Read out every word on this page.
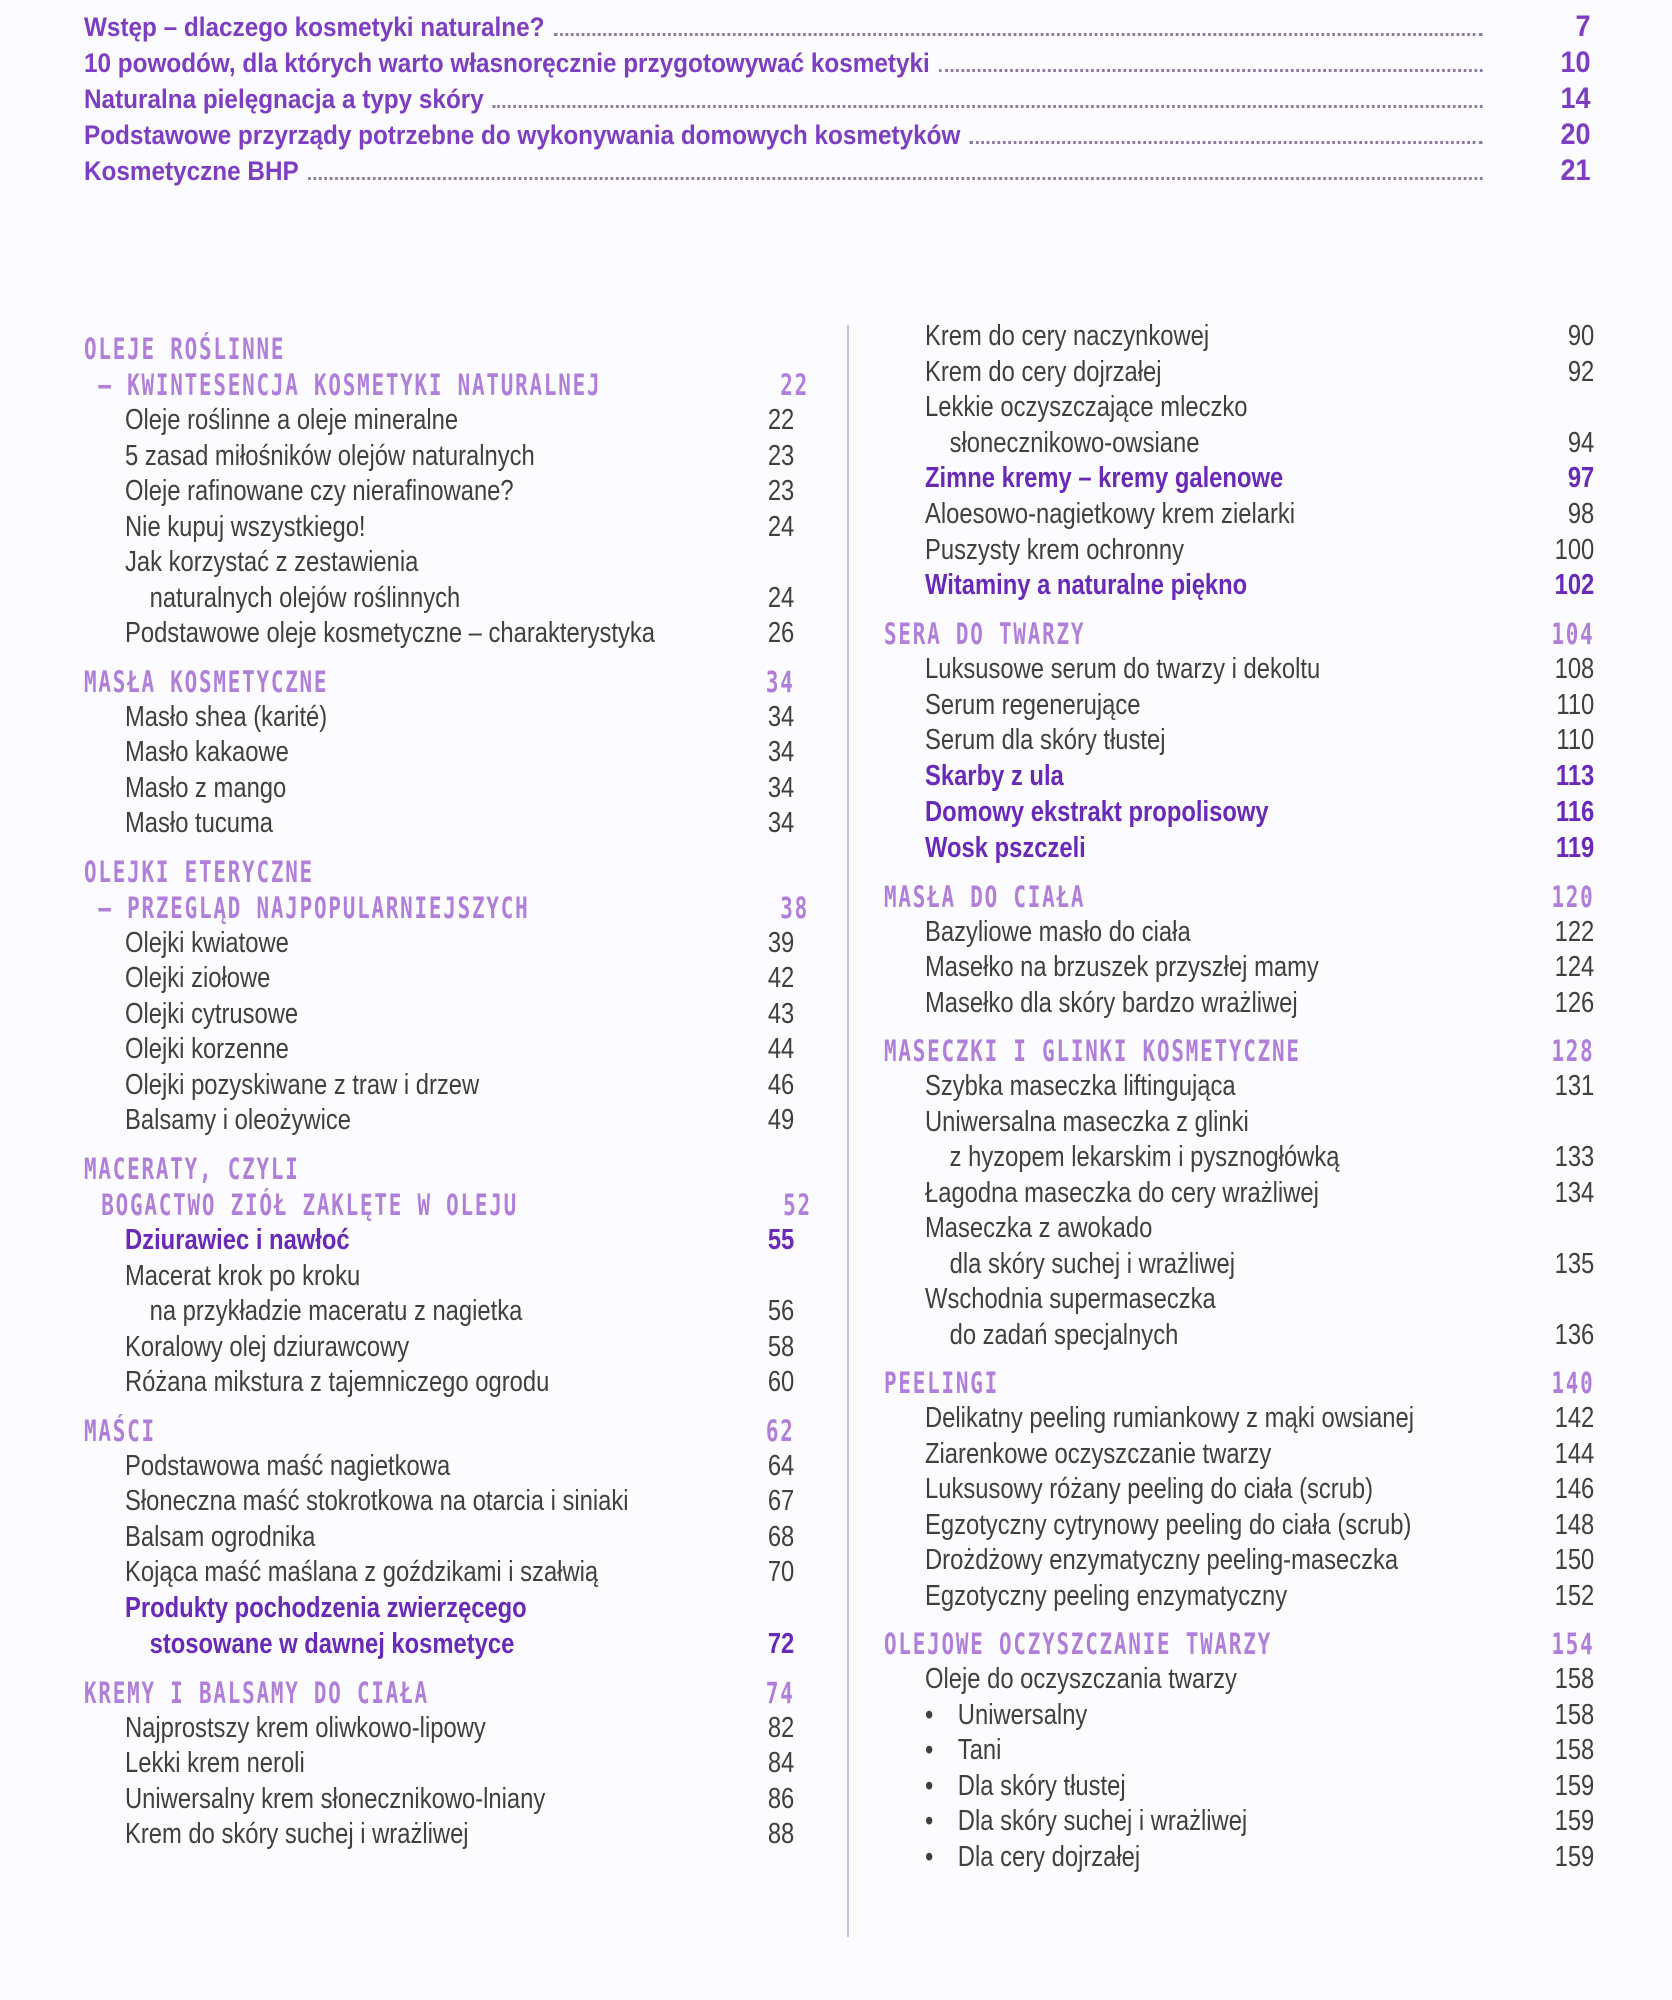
Wstęp – dlaczego kosmetyki naturalne?	7
10 powodów, dla których warto własnoręcznie przygotowywać kosmetyki	10
Naturalna pielęgnacja a typy skóry	14
Podstawowe przyrządy potrzebne do wykonywania domowych kosmetyków	20
Kosmetyczne BHP	21
OLEJE ROŚLINNE
– KWINTESENCJA KOSMETYKI NATURALNEJ	22
Oleje roślinne a oleje mineralne	22
5 zasad miłośników olejów naturalnych	23
Oleje rafinowane czy nierafinowane?	23
Nie kupuj wszystkiego!	24
Jak korzystać z zestawienia
naturalnych olejów roślinnych	24
Podstawowe oleje kosmetyczne – charakterystyka	26
MASŁA KOSMETYCZNE	34
Masło shea (karité)	34
Masło kakaowe	34
Masło z mango	34
Masło tucuma	34
OLEJKI ETERYCZNE
– PRZEGLĄD NAJPOPULARNIEJSZYCH	38
Olejki kwiatowe	39
Olejki ziołowe	42
Olejki cytrusowe	43
Olejki korzenne	44
Olejki pozyskiwane z traw i drzew	46
Balsamy i oleożywice	49
MACERATY, CZYLI
BOGACTWO ZIÓŁ ZAKLĘTE W OLEJU	52
Dziurawiec i nawłoć	55
Macerat krok po kroku
na przykładzie maceratu z nagietka	56
Koralowy olej dziurawcowy	58
Różana mikstura z tajemniczego ogrodu	60
MAŚCI	62
Podstawowa maść nagietkowa	64
Słoneczna maść stokrotkowa na otarcia i siniaki	67
Balsam ogrodnika	68
Kojąca maść maślana z goździkami i szałwią	70
Produkty pochodzenia zwierzęcego
stosowane w dawnej kosmetyce	72
KREMY I BALSAMY DO CIAŁA	74
Najprostszy krem oliwkowo-lipowy	82
Lekki krem neroli	84
Uniwersalny krem słonecznikowo-lniany	86
Krem do skóry suchej i wrażliwej	88
Krem do cery naczynkowej	90
Krem do cery dojrzałej	92
Lekkie oczyszczające mleczko
słonecznikowo-owsiane	94
Zimne kremy – kremy galenowe	97
Aloesowo-nagietkowy krem zielarki	98
Puszysty krem ochronny	100
Witaminy a naturalne piękno	102
SERA DO TWARZY	104
Luksusowe serum do twarzy i dekoltu	108
Serum regenerujące	110
Serum dla skóry tłustej	110
Skarby z ula	113
Domowy ekstrakt propolisowy	116
Wosk pszczeli	119
MASŁA DO CIAŁA	120
Bazyliowe masło do ciała	122
Masełko na brzuszek przyszłej mamy	124
Masełko dla skóry bardzo wrażliwej	126
MASECZKI I GLINKI KOSMETYCZNE	128
Szybka maseczka liftingująca	131
Uniwersalna maseczka z glinki
z hyzopem lekarskim i pysznogłówką	133
Łagodna maseczka do cery wrażliwej	134
Maseczka z awokado
dla skóry suchej i wrażliwej	135
Wschodnia supermaseczka
do zadań specjalnych	136
PEELINGI	140
Delikatny peeling rumiankowy z mąki owsianej	142
Ziarenkowe oczyszczanie twarzy	144
Luksusowy różany peeling do ciała (scrub)	146
Egzotyczny cytrynowy peeling do ciała (scrub)	148
Drożdżowy enzymatyczny peeling-maseczka	150
Egzotyczny peeling enzymatyczny	152
OLEJOWE OCZYSZCZANIE TWARZY	154
Oleje do oczyszczania twarzy	158
• Uniwersalny	158
• Tani	158
• Dla skóry tłustej	159
• Dla skóry suchej i wrażliwej	159
• Dla cery dojrzałej	159
